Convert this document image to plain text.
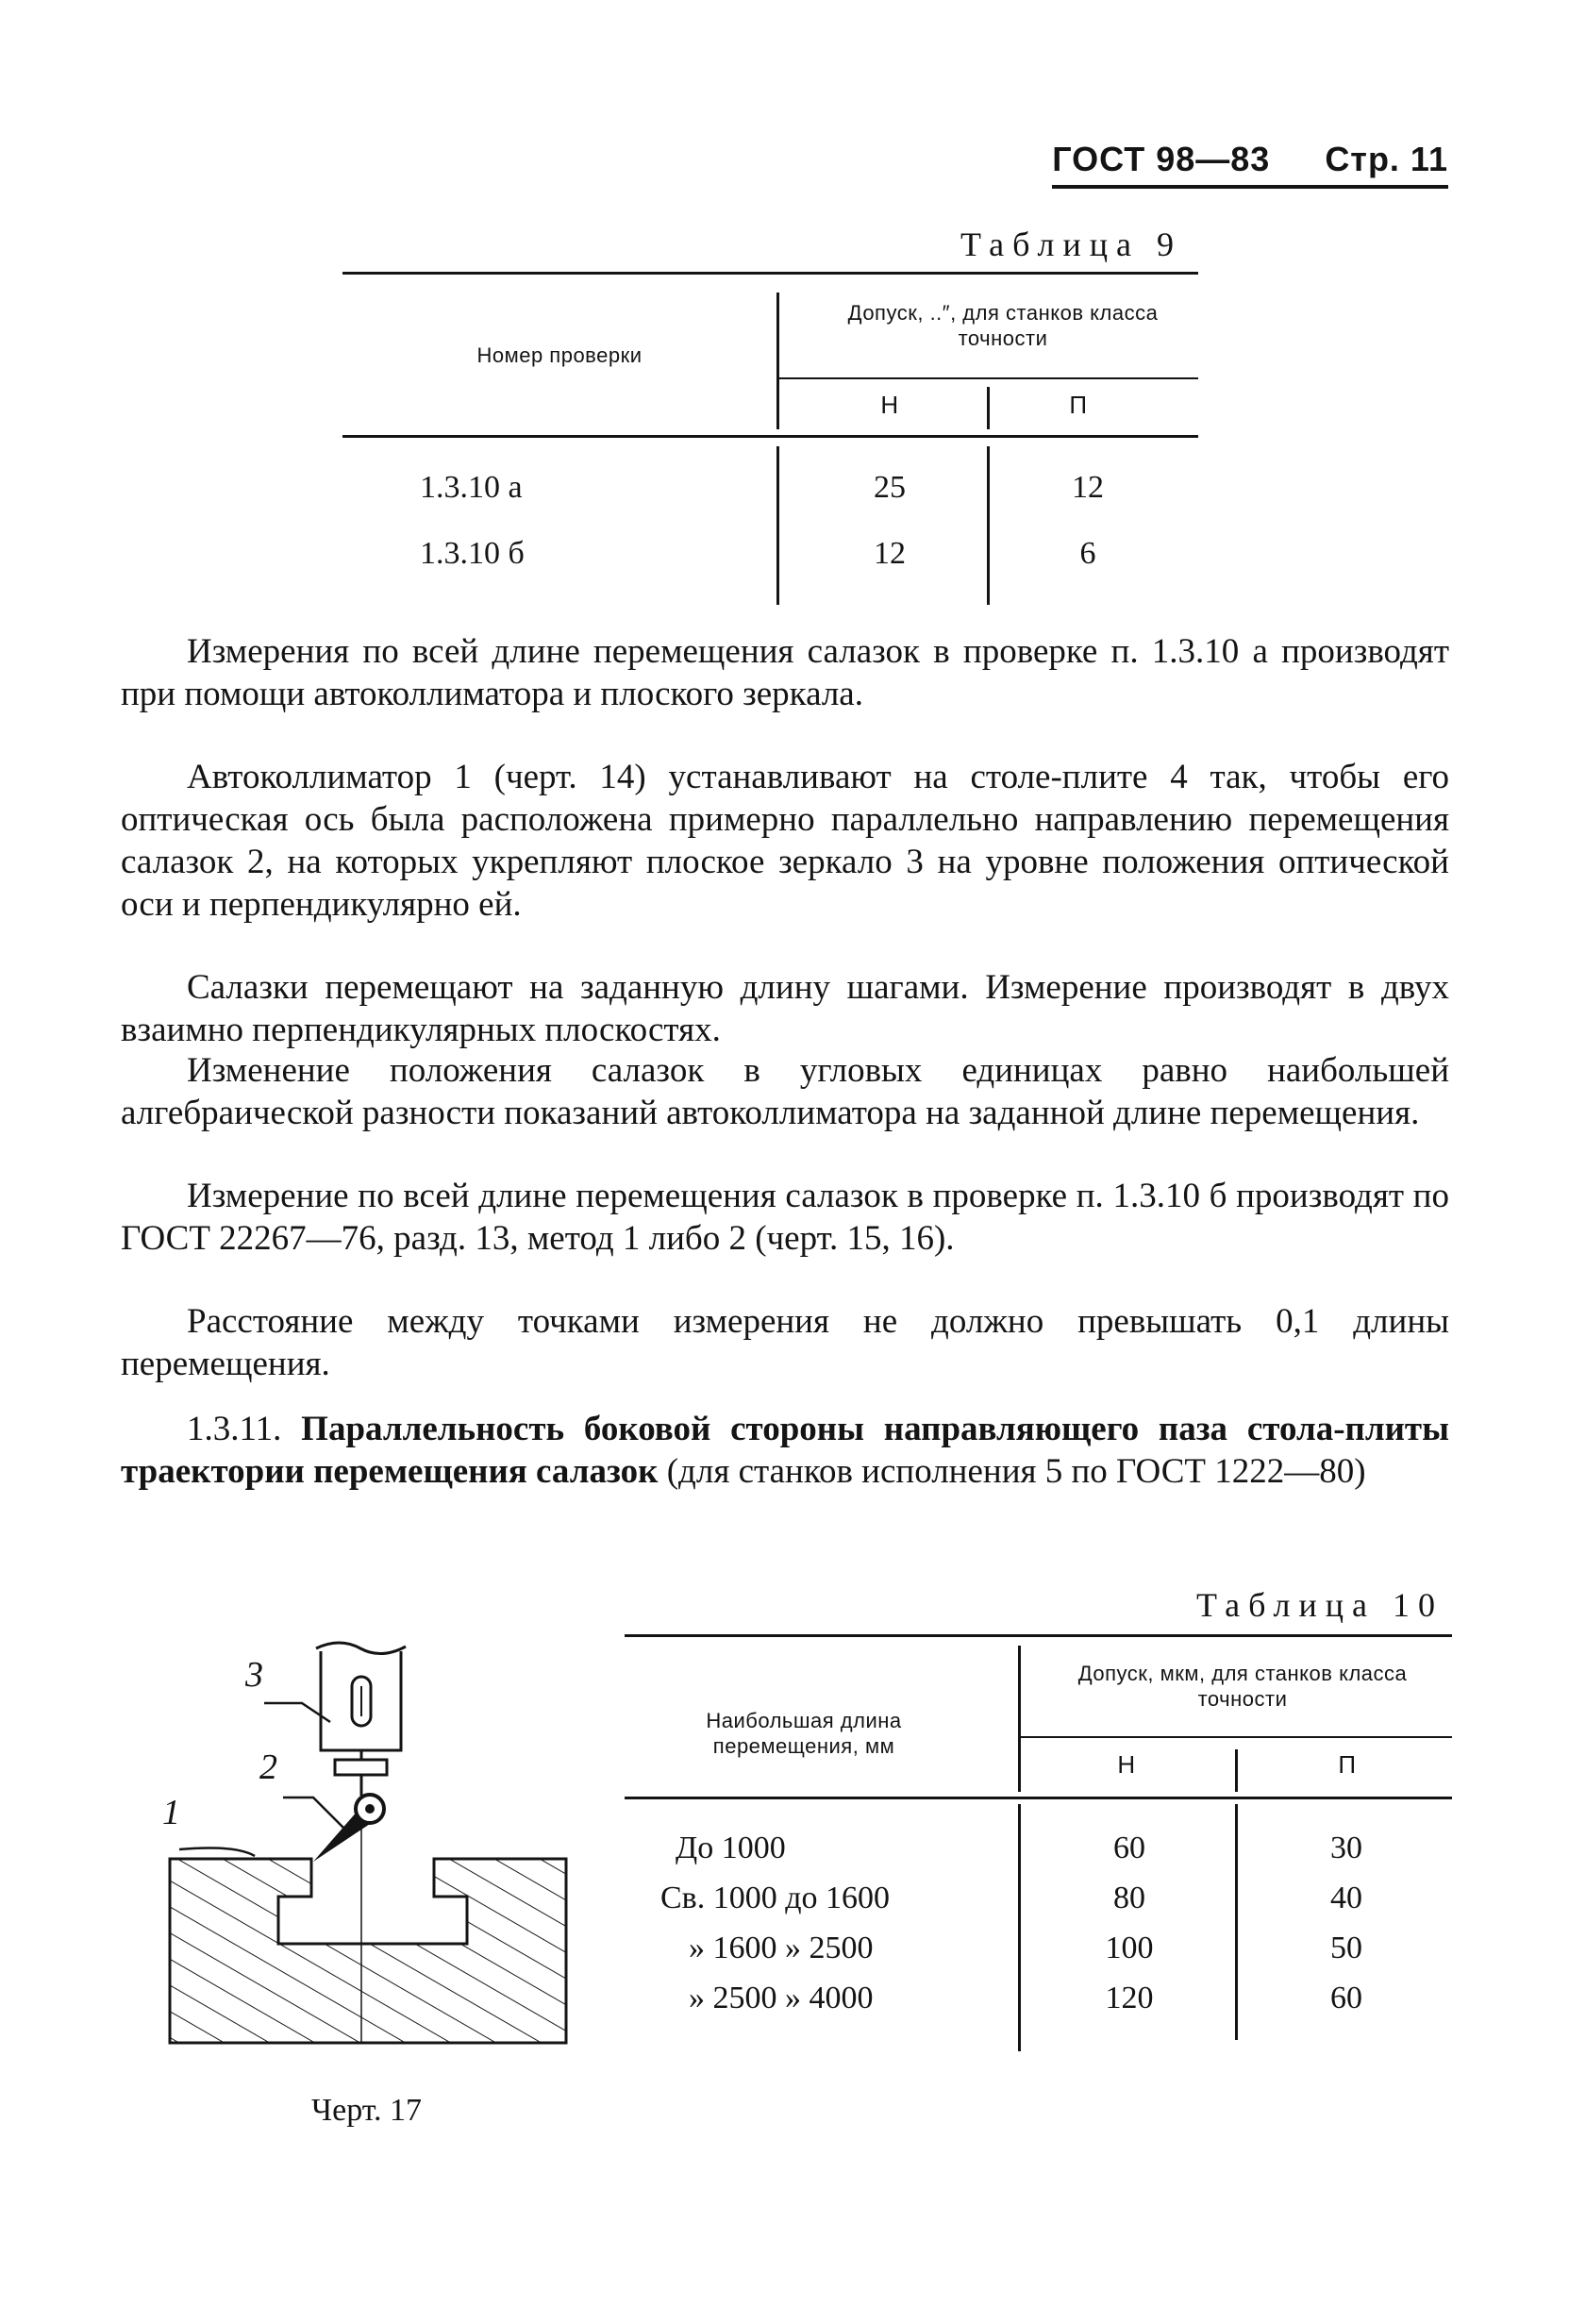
ГОСТ 98—83 Стр. 11
Таблица 9
Номер проверки
Допуск, ..″, для станков класса точности
Н	П
1.3.10 а	25	12
1.3.10 б	12	6
Измерения по всей длине перемещения салазок в проверке п. 1.3.10 а производят при помощи автоколлиматора и плоского зеркала.
Автоколлиматор 1 (черт. 14) устанавливают на столе-плите 4 так, чтобы его оптическая ось была расположена примерно параллельно направлению перемещения салазок 2, на которых укрепляют плоское зеркало 3 на уровне положения оптической оси и перпендикулярно ей.
Салазки перемещают на заданную длину шагами. Измерение производят в двух взаимно перпендикулярных плоскостях.
Изменение положения салазок в угловых единицах равно наибольшей алгебраической разности показаний автоколлиматора на заданной длине перемещения.
Измерение по всей длине перемещения салазок в проверке п. 1.3.10 б производят по ГОСТ 22267—76, разд. 13, метод 1 либо 2 (черт. 15, 16).
Расстояние между точками измерения не должно превышать 0,1 длины перемещения.
1.3.11. Параллельность боковой стороны направляющего паза стола-плиты траектории перемещения салазок (для станков исполнения 5 по ГОСТ 1222—80)
Таблица 10
Наибольшая длина перемещения, мм
Допуск, мкм, для станков класса точности
Н	П
До 1000	60	30
Св. 1000 до 1600	80	40
» 1600 » 2500	100	50
» 2500 » 4000	120	60
1
2
3
Черт. 17
